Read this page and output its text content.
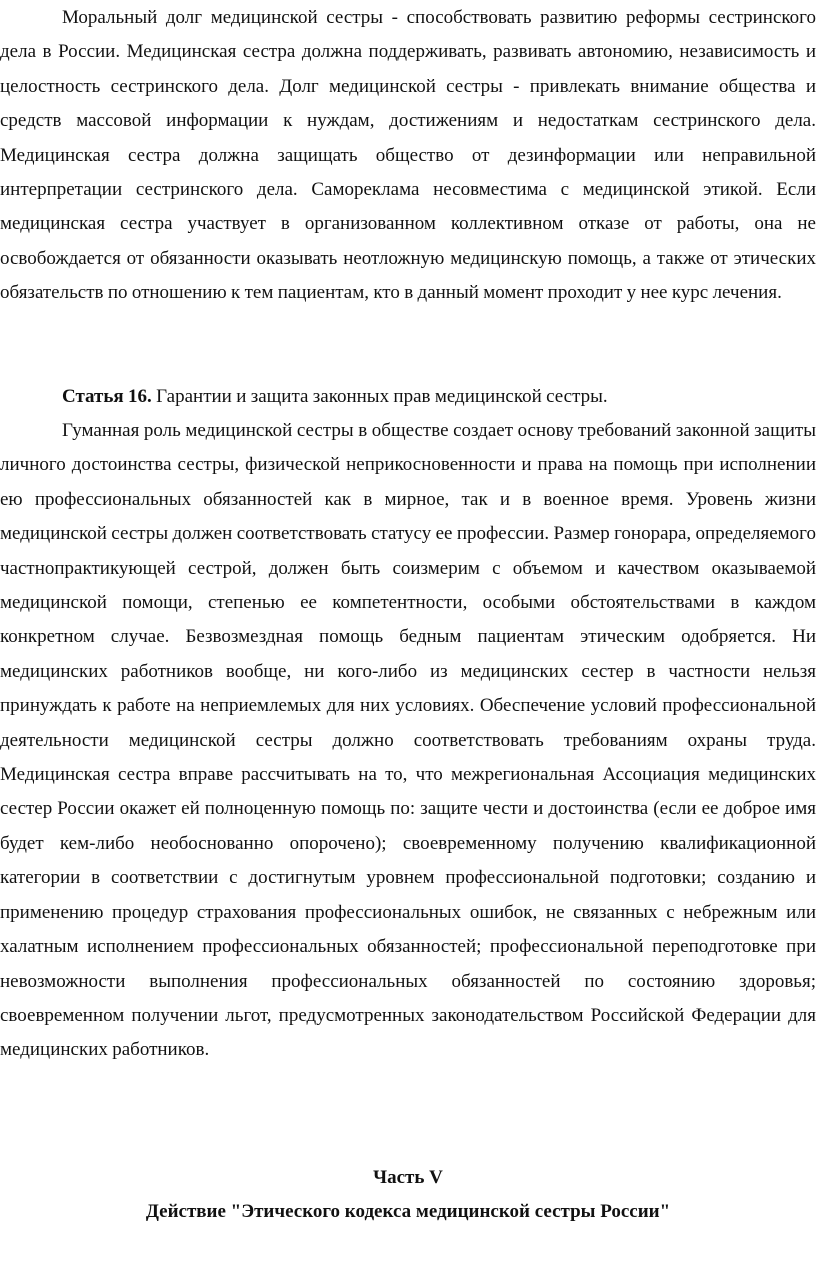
Моральный долг медицинской сестры - способствовать развитию реформы сестринского дела в России. Медицинская сестра должна поддерживать, развивать автономию, независимость и целостность сестринского дела. Долг медицинской сестры - привлекать внимание общества и средств массовой информации к нуждам, достижениям и недостаткам сестринского дела. Медицинская сестра должна защищать общество от дезинформации или неправильной интерпретации сестринского дела. Самореклама несовместима с медицинской этикой. Если медицинская сестра участвует в организованном коллективном отказе от работы, она не освобождается от обязанности оказывать неотложную медицинскую помощь, а также от этических обязательств по отношению к тем пациентам, кто в данный момент проходит у нее курс лечения.

Статья 16. Гарантии и защита законных прав медицинской сестры.

Гуманная роль медицинской сестры в обществе создает основу требований законной защиты личного достоинства сестры, физической неприкосновенности и права на помощь при исполнении ею профессиональных обязанностей как в мирное, так и в военное время. Уровень жизни медицинской сестры должен соответствовать статусу ее профессии. Размер гонорара, определяемого частнопрактикующей сестрой, должен быть соизмерим с объемом и качеством оказываемой медицинской помощи, степенью ее компетентности, особыми обстоятельствами в каждом конкретном случае. Безвозмездная помощь бедным пациентам этическим одобряется. Ни медицинских работников вообще, ни кого-либо из медицинских сестер в частности нельзя принуждать к работе на неприемлемых для них условиях. Обеспечение условий профессиональной деятельности медицинской сестры должно соответствовать требованиям охраны труда. Медицинская сестра вправе рассчитывать на то, что межрегиональная Ассоциация медицинских сестер России окажет ей полноценную помощь по: защите чести и достоинства (если ее доброе имя будет кем-либо необоснованно опорочено); своевременному получению квалификационной категории в соответствии с достигнутым уровнем профессиональной подготовки; созданию и применению процедур страхования профессиональных ошибок, не связанных с небрежным или халатным исполнением профессиональных обязанностей; профессиональной переподготовке при невозможности выполнения профессиональных обязанностей по состоянию здоровья; своевременном получении льгот, предусмотренных законодательством Российской Федерации для медицинских работников.

Часть V

Действие "Этического кодекса медицинской сестры России"
